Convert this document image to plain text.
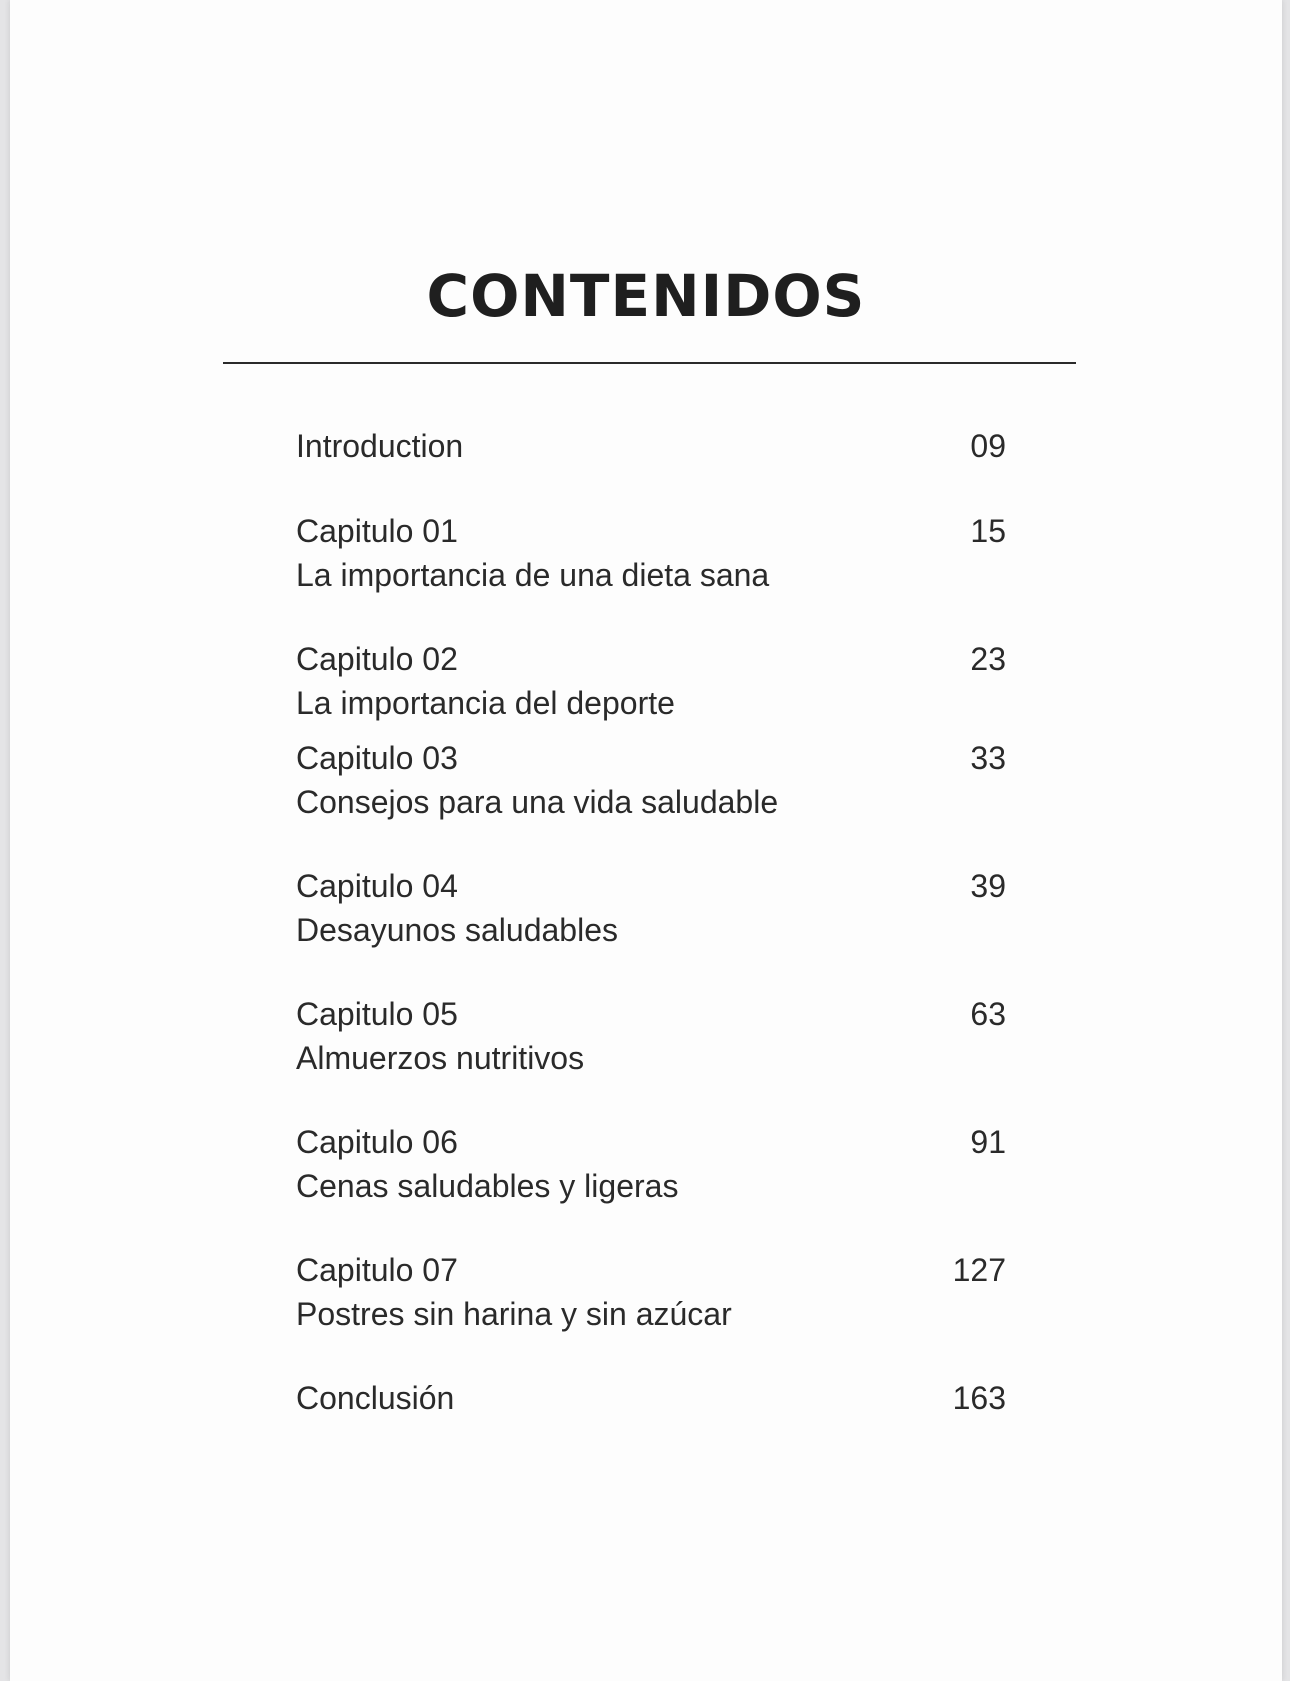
CONTENIDOS
Introduction	09
Capitulo 01
La importancia de una dieta sana
15
Capitulo 02
La importancia del deporte
23
Capitulo 03
Consejos para una vida saludable
33
Capitulo 04
Desayunos saludables
39
Capitulo 05
Almuerzos nutritivos
63
Capitulo 06
Cenas saludables y ligeras
91
Capitulo 07
Postres sin harina y sin azúcar
127
Conclusión	163
